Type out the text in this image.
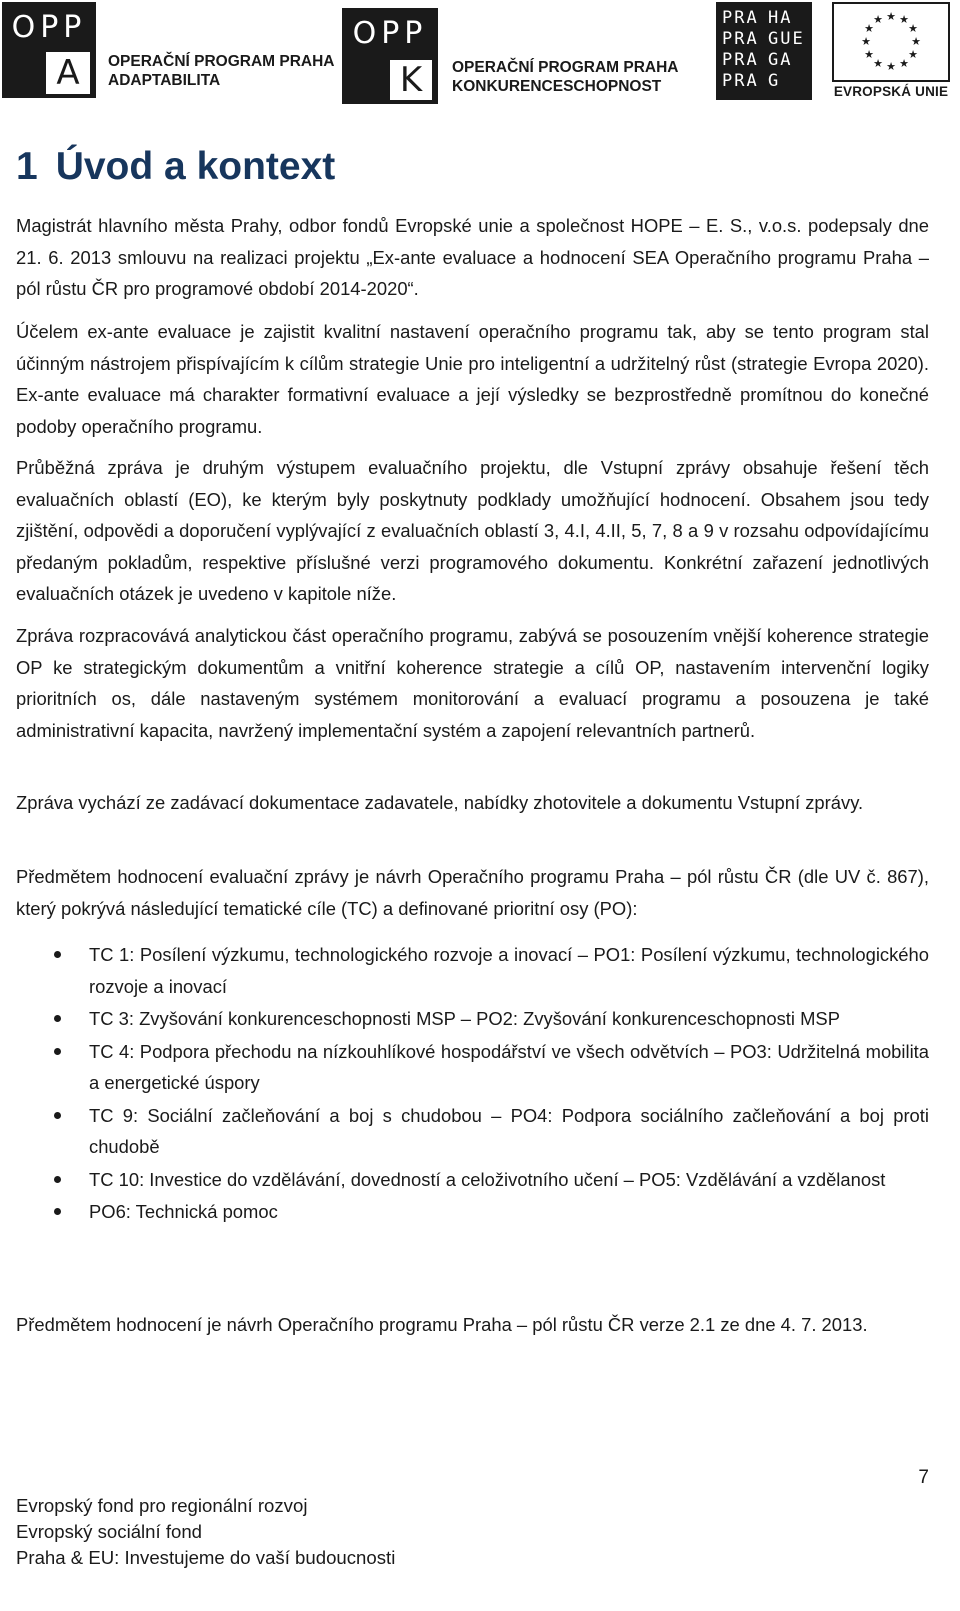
OPP
A	OPERAČNÍ PROGRAM PRAHA
ADAPTABILITA
OPP
K	OPERAČNÍ PROGRAM PRAHA
KONKURENCESCHOPNOST
PRA HA
PRA GUE
PRA GA
PRA G
★ ★
★
★
★
★
★
★
★
★
★
★
EVROPSKÁ UNIE
1 Úvod a kontext

Magistrát hlavního města Prahy, odbor fondů Evropské unie a společnost HOPE – E. S., v.o.s. podepsaly dne 21. 6. 2013 smlouvu na realizaci projektu „Ex-ante evaluace a hodnocení SEA Operačního programu Praha – pól růstu ČR pro programové období 2014-2020“.

Účelem ex-ante evaluace je zajistit kvalitní nastavení operačního programu tak, aby se tento program stal účinným nástrojem přispívajícím k cílům strategie Unie pro inteligentní a udržitelný růst (strategie Evropa 2020). Ex-ante evaluace má charakter formativní evaluace a její výsledky se bezprostředně promítnou do konečné podoby operačního programu.

Průběžná zpráva je druhým výstupem evaluačního projektu, dle Vstupní zprávy obsahuje řešení těch evaluačních oblastí (EO), ke kterým byly poskytnuty podklady umožňující hodnocení. Obsahem jsou tedy zjištění, odpovědi a doporučení vyplývající z evaluačních oblastí 3, 4.I, 4.II, 5, 7, 8 a 9 v rozsahu odpovídajícímu předaným pokladům, respektive příslušné verzi programového dokumentu. Konkrétní zařazení jednotlivých evaluačních otázek je uvedeno v kapitole níže.

Zpráva rozpracovává analytickou část operačního programu, zabývá se posouzením vnější koherence strategie OP ke strategickým dokumentům a vnitřní koherence strategie a cílů OP, nastavením intervenční logiky prioritních os, dále nastaveným systémem monitorování a evaluací programu a posouzena je také administrativní kapacita, navržený implementační systém a zapojení relevantních partnerů.

Zpráva vychází ze zadávací dokumentace zadavatele, nabídky zhotovitele a dokumentu Vstupní zprávy.

Předmětem hodnocení evaluační zprávy je návrh Operačního programu Praha – pól růstu ČR (dle UV č. 867), který pokrývá následující tematické cíle (TC) a definované prioritní osy (PO):

TC 1: Posílení výzkumu, technologického rozvoje a inovací – PO1: Posílení výzkumu, technologického rozvoje a inovací
TC 3: Zvyšování konkurenceschopnosti MSP – PO2: Zvyšování konkurenceschopnosti MSP
TC 4: Podpora přechodu na nízkouhlíkové hospodářství ve všech odvětvích – PO3: Udržitelná mobilita a energetické úspory
TC 9: Sociální začleňování a boj s chudobou – PO4: Podpora sociálního začleňování a boj proti chudobě
TC 10: Investice do vzdělávání, dovedností a celoživotního učení – PO5: Vzdělávání a vzdělanost
PO6: Technická pomoc

Předmětem hodnocení je návrh Operačního programu Praha – pól růstu ČR verze 2.1 ze dne 4. 7. 2013.

7
Evropský fond pro regionální rozvoj
Evropský sociální fond
Praha & EU: Investujeme do vaší budoucnosti
